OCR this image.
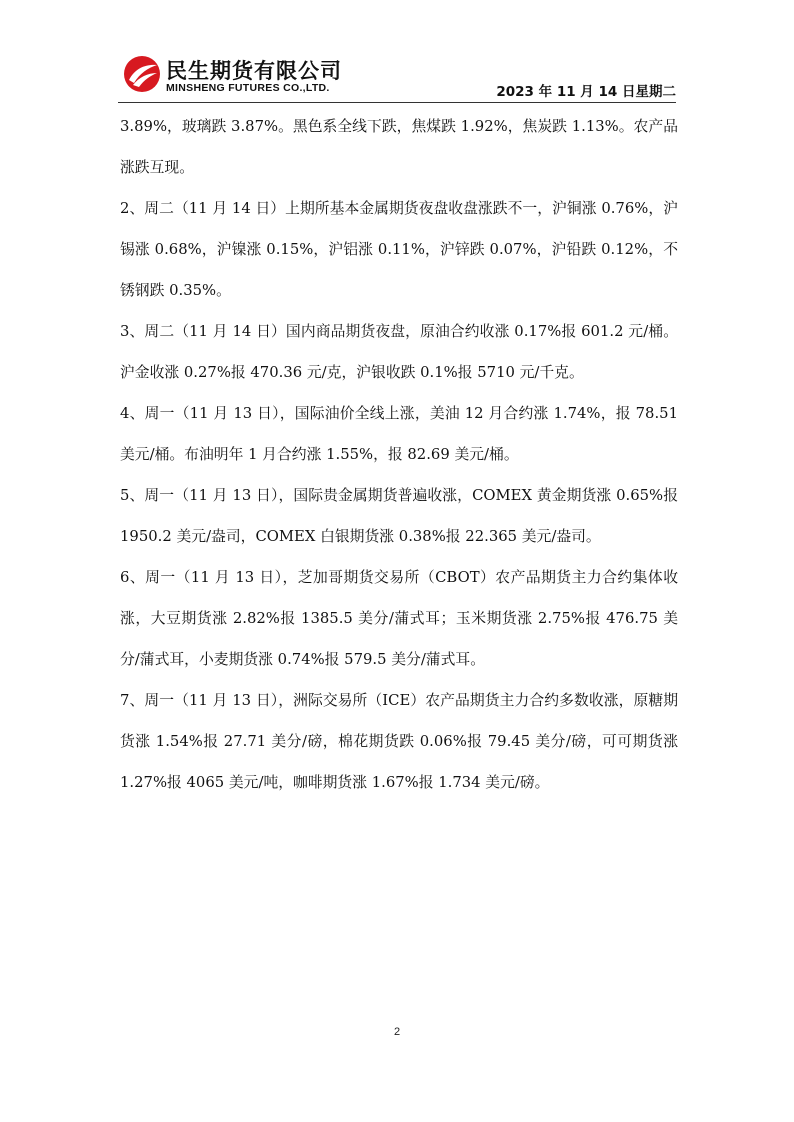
民生期货有限公司
MINSHENG FUTURES CO.,LTD.	2023 年 11 月 14 日星期二

3.89%，玻璃跌 3.87%。黑色系全线下跌，焦煤跌 1.92%，焦炭跌 1.13%。农产品涨跌互现。

2、周二（11 月 14 日）上期所基本金属期货夜盘收盘涨跌不一，沪铜涨 0.76%，沪锡涨 0.68%，沪镍涨 0.15%，沪铝涨 0.11%，沪锌跌 0.07%，沪铅跌 0.12%，不锈钢跌 0.35%。

3、周二（11 月 14 日）国内商品期货夜盘，原油合约收涨 0.17%报 601.2 元/桶。沪金收涨 0.27%报 470.36 元/克，沪银收跌 0.1%报 5710 元/千克。

4、周一（11 月 13 日），国际油价全线上涨，美油 12 月合约涨 1.74%，报 78.51 美元/桶。布油明年 1 月合约涨 1.55%，报 82.69 美元/桶。

5、周一（11 月 13 日），国际贵金属期货普遍收涨，COMEX 黄金期货涨 0.65%报 1950.2 美元/盎司，COMEX 白银期货涨 0.38%报 22.365 美元/盎司。

6、周一（11 月 13 日），芝加哥期货交易所（CBOT）农产品期货主力合约集体收涨，大豆期货涨 2.82%报 1385.5 美分/蒲式耳；玉米期货涨 2.75%报 476.75 美分/蒲式耳，小麦期货涨 0.74%报 579.5 美分/蒲式耳。

7、周一（11 月 13 日），洲际交易所（ICE）农产品期货主力合约多数收涨，原糖期货涨 1.54%报 27.71 美分/磅，棉花期货跌 0.06%报 79.45 美分/磅，可可期货涨 1.27%报 4065 美元/吨，咖啡期货涨 1.67%报 1.734 美元/磅。

2
